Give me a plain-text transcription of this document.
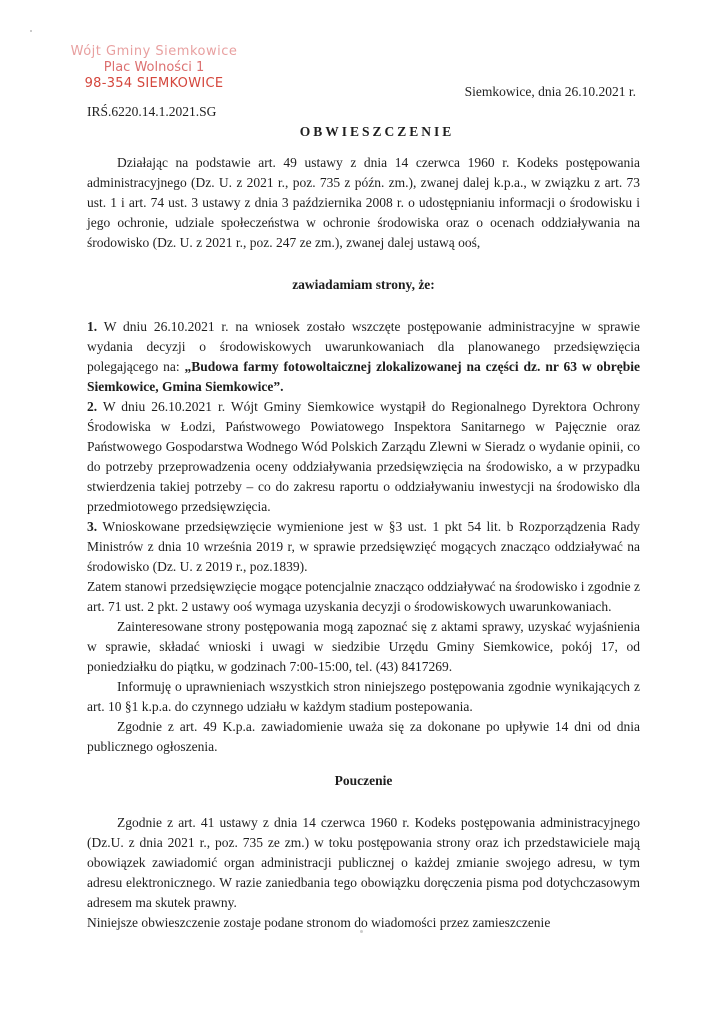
Wójt Gminy Siemkowice
Plac Wolności 1
98-354 SIEMKOWICE
Siemkowice, dnia 26.10.2021 r.
IRŚ.6220.14.1.2021.SG
OBWIESZCZENIE

Działając na podstawie art. 49 ustawy z dnia 14 czerwca 1960 r. Kodeks postępowania administracyjnego (Dz. U. z 2021 r., poz. 735 z późn. zm.), zwanej dalej k.p.a., w związku z art. 73 ust. 1 i art. 74 ust. 3 ustawy z dnia 3 października 2008 r. o udostępnianiu informacji o środowisku i jego ochronie, udziale społeczeństwa w ochronie środowiska oraz o ocenach oddziaływania na środowisko (Dz. U. z 2021 r., poz. 247 ze zm.), zwanej dalej ustawą ooś,

zawiadamiam strony, że:

1. W dniu 26.10.2021 r. na wniosek zostało wszczęte postępowanie administracyjne w sprawie wydania decyzji o środowiskowych uwarunkowaniach dla planowanego przedsięwzięcia polegającego na: „Budowa farmy fotowoltaicznej zlokalizowanej na części dz. nr 63 w obrębie Siemkowice, Gmina Siemkowice”.

2. W dniu 26.10.2021 r. Wójt Gminy Siemkowice wystąpił do Regionalnego Dyrektora Ochrony Środowiska w Łodzi, Państwowego Powiatowego Inspektora Sanitarnego w Pajęcznie oraz Państwowego Gospodarstwa Wodnego Wód Polskich Zarządu Zlewni w Sieradz o wydanie opinii, co do potrzeby przeprowadzenia oceny oddziaływania przedsięwzięcia na środowisko, a w przypadku stwierdzenia takiej potrzeby – co do zakresu raportu o oddziaływaniu inwestycji na środowisko dla przedmiotowego przedsięwzięcia.

3. Wnioskowane przedsięwzięcie wymienione jest w §3 ust. 1 pkt 54 lit. b Rozporządzenia Rady Ministrów z dnia 10 września 2019 r, w sprawie przedsięwzięć mogących znacząco oddziaływać na środowisko (Dz. U. z 2019 r., poz.1839).

Zatem stanowi przedsięwzięcie mogące potencjalnie znacząco oddziaływać na środowisko i zgodnie z art. 71 ust. 2 pkt. 2 ustawy ooś wymaga uzyskania decyzji o środowiskowych uwarunkowaniach.

Zainteresowane strony postępowania mogą zapoznać się z aktami sprawy, uzyskać wyjaśnienia w sprawie, składać wnioski i uwagi w siedzibie Urzędu Gminy Siemkowice, pokój 17, od poniedziałku do piątku, w godzinach 7:00-15:00, tel. (43) 8417269.

Informuję o uprawnieniach wszystkich stron niniejszego postępowania zgodnie wynikających z art. 10 §1 k.p.a. do czynnego udziału w każdym stadium postepowania.

Zgodnie z art. 49 K.p.a. zawiadomienie uważa się za dokonane po upływie 14 dni od dnia publicznego ogłoszenia.

Pouczenie

Zgodnie z art. 41 ustawy z dnia 14 czerwca 1960 r. Kodeks postępowania administracyjnego (Dz.U. z dnia 2021 r., poz. 735 ze zm.) w toku postępowania strony oraz ich przedstawiciele mają obowiązek zawiadomić organ administracji publicznej o każdej zmianie swojego adresu, w tym adresu elektronicznego. W razie zaniedbania tego obowiązku doręczenia pisma pod dotychczasowym adresem ma skutek prawny.

Niniejsze obwieszczenie zostaje podane stronom do wiadomości przez zamieszczenie
